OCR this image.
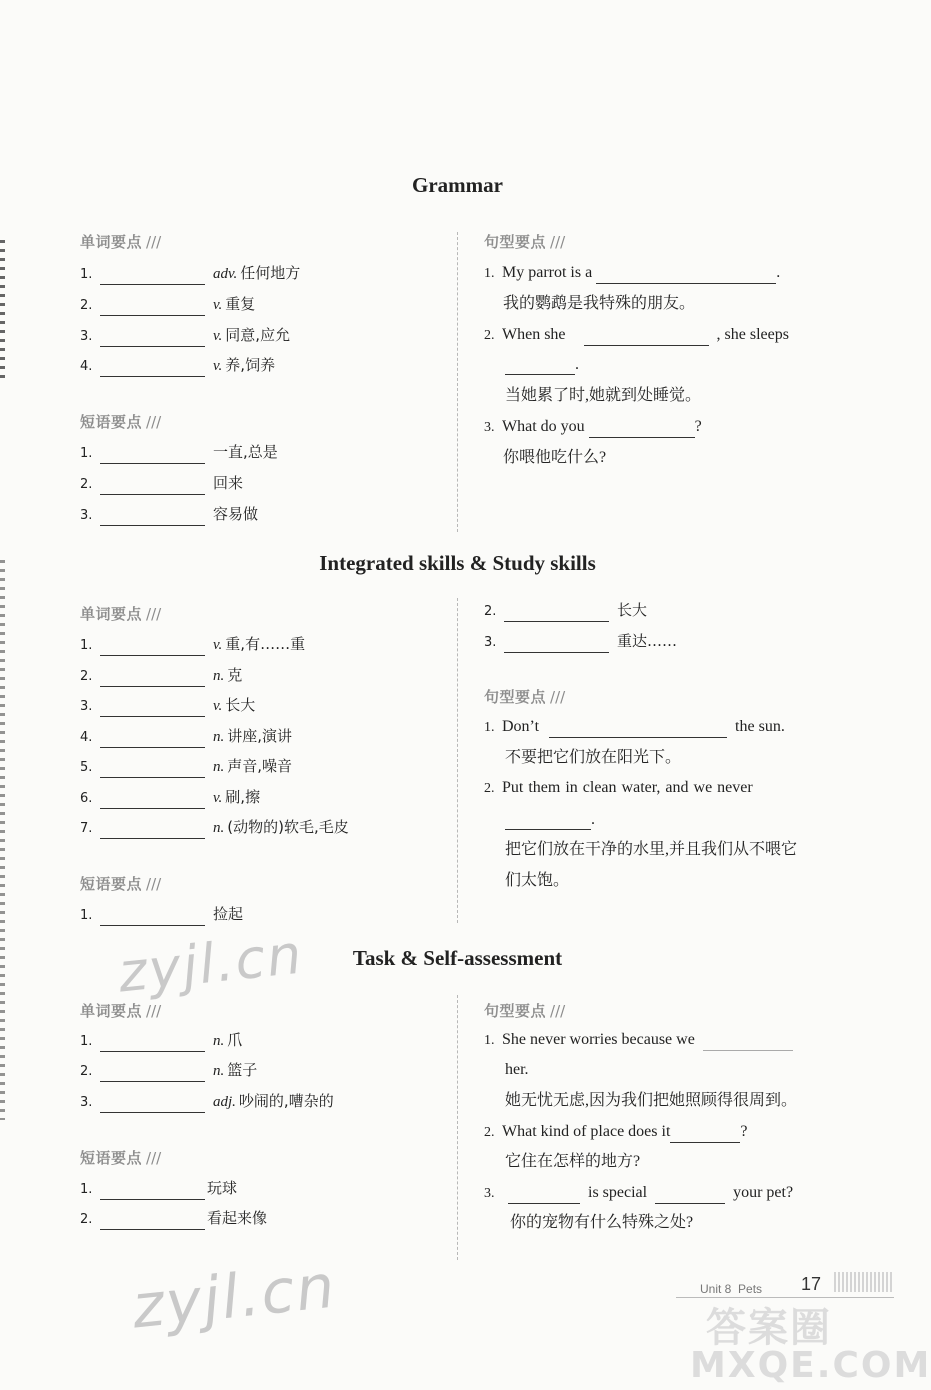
Grammar
单词要点 ///
1.	adv. 任何地方
2.	v. 重复
3.	v. 同意,应允
4.	v. 养,饲养
短语要点 ///
1.	一直,总是
2.	回来
3.	容易做
句型要点 ///
1. My parrot is a	.
我的鹦鹉是我特殊的朋友。
2. When she	, she sleeps
.
当她累了时,她就到处睡觉。
3. What do you	?
你喂他吃什么?
Integrated skills & Study skills
单词要点 ///
1.	v. 重,有……重
2.	n. 克
3.	v. 长大
4.	n. 讲座,演讲
5.	n. 声音,噪音
6.	v. 刷,擦
7.	n. (动物的)软毛,毛皮
短语要点 ///
1.	捡起
2.	长大
3.	重达……
句型要点 ///
1. Don’t	the sun.
不要把它们放在阳光下。
2. Put them in clean water, and we never
.
把它们放在干净的水里,并且我们从不喂它
们太饱。
Task & Self-assessment
单词要点 ///
1.	n. 爪
2.	n. 篮子
3.	adj. 吵闹的,嘈杂的
短语要点 ///
1.	玩球
2.	看起来像
句型要点 ///
1. She never worries because we
her.
她无忧无虑,因为我们把她照顾得很周到。
2. What kind of place does it	?
它住在怎样的地方?
3.	is special	your pet?
你的宠物有什么特殊之处?
zyjl.cn
zyjl.cn	答案圈
MXQE.COM
Unit 8 Pets 17
